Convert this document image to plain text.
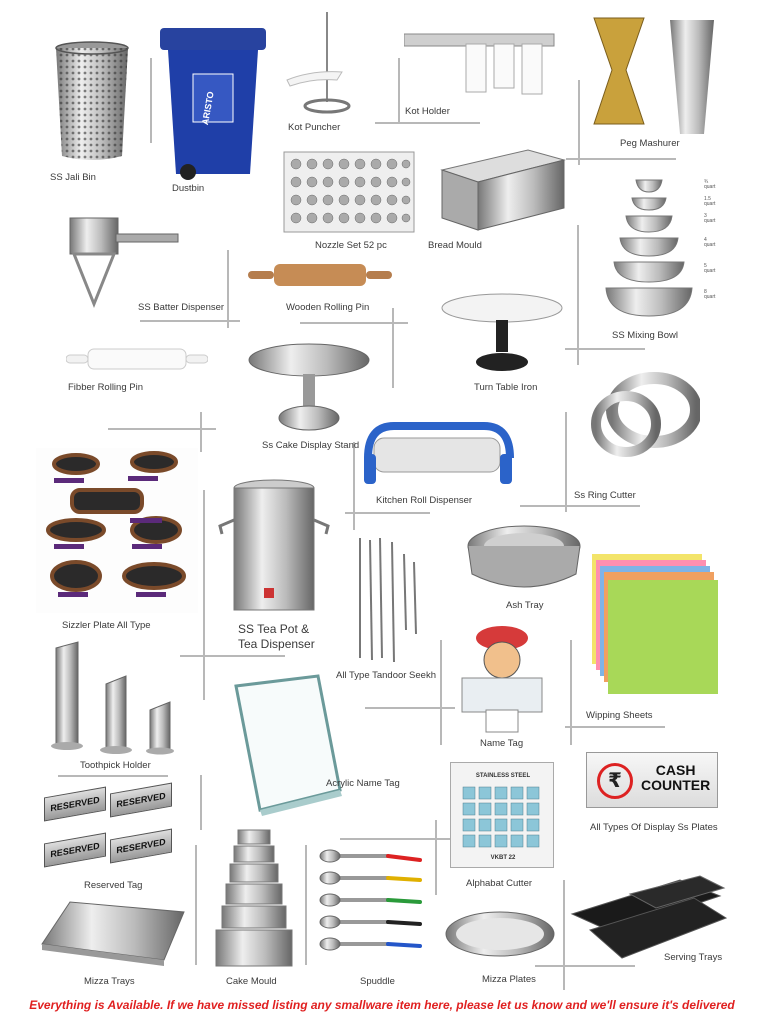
SS Jali Bin
ARISTO
Dustbin
Kot Puncher
Kot Holder
Peg Mashurer
Nozzle Set 52 pc	Bread Mould
¾ quart
1.5 quart
3 quart
4 quart
5 quart
8 quart
SS Mixing Bowl
SS Batter Dispenser	Wooden Rolling Pin
Turn Table Iron
Fibber Rolling Pin
Ss Cake Display Stand
Kitchen Roll Dispenser	Ss Ring Cutter
Sizzler Plate All Type	SS Tea Pot &
Tea Dispenser
All Type Tandoor Seekh
Ash Tray
Wipping Sheets
Name Tag
Toothpick Holder
Acrylic Name Tag	₹	CASH
COUNTER
All Types Of Display Ss Plates
RESERVED	RESERVED
RESERVED	RESERVED
Reserved Tag
STAINLESS STEEL
VKBT 22
Alphabat Cutter
Mizza Trays	Cake Mould	Spuddle	Mizza Plates
Serving Trays
Everything is Available. If we have missed listing any smallware item here, please let us know and we'll ensure it's delivered
